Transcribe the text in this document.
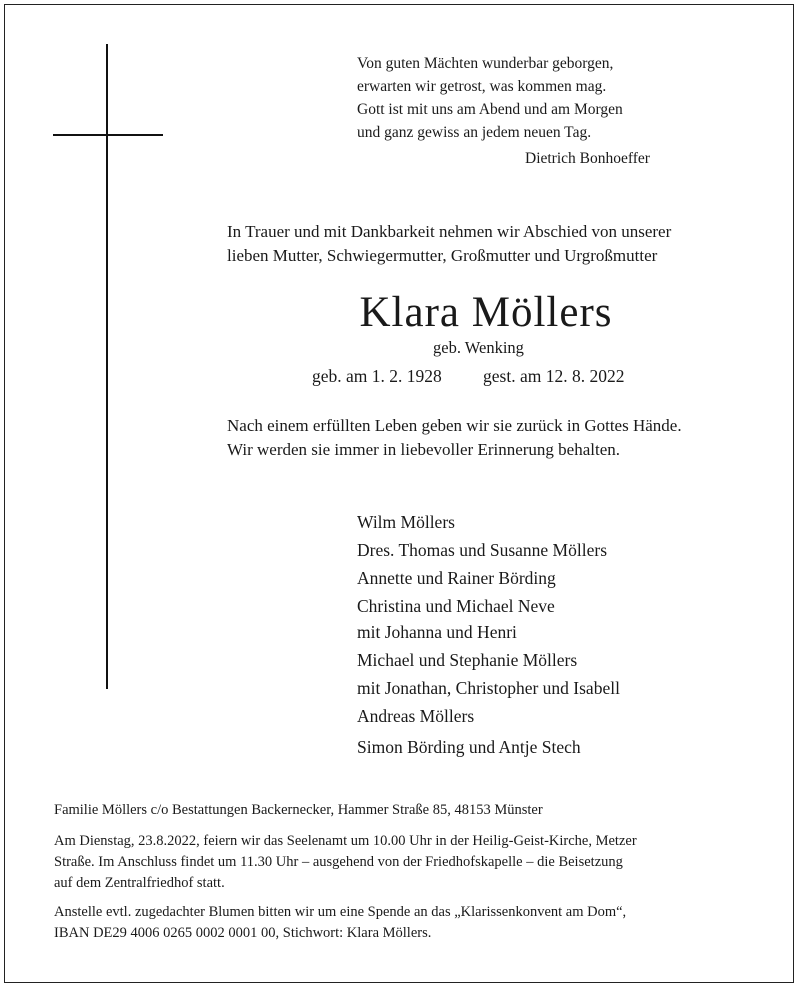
Von guten Mächten wunderbar geborgen,
erwarten wir getrost, was kommen mag.
Gott ist mit uns am Abend und am Morgen
und ganz gewiss an jedem neuen Tag.
Dietrich Bonhoeffer
In Trauer und mit Dankbarkeit nehmen wir Abschied von unserer
lieben Mutter, Schwiegermutter, Großmutter und Urgroßmutter
Klara Möllers
geb. Wenking
geb. am 1. 2. 1928 gest. am 12. 8. 2022
Nach einem erfüllten Leben geben wir sie zurück in Gottes Hände.
Wir werden sie immer in liebevoller Erinnerung behalten.
Wilm Möllers
Dres. Thomas und Susanne Möllers
Annette und Rainer Börding
Christina und Michael Neve
mit Johanna und Henri
Michael und Stephanie Möllers
mit Jonathan, Christopher und Isabell
Andreas Möllers
Simon Börding und Antje Stech
Familie Möllers c/o Bestattungen Backernecker, Hammer Straße 85, 48153 Münster
Am Dienstag, 23.8.2022, feiern wir das Seelenamt um 10.00 Uhr in der Heilig-Geist-Kirche, Metzer
Straße. Im Anschluss findet um 11.30 Uhr – ausgehend von der Friedhofskapelle – die Beisetzung
auf dem Zentralfriedhof statt.
Anstelle evtl. zugedachter Blumen bitten wir um eine Spende an das „Klarissenkonvent am Dom“,
IBAN DE29 4006 0265 0002 0001 00, Stichwort: Klara Möllers.
